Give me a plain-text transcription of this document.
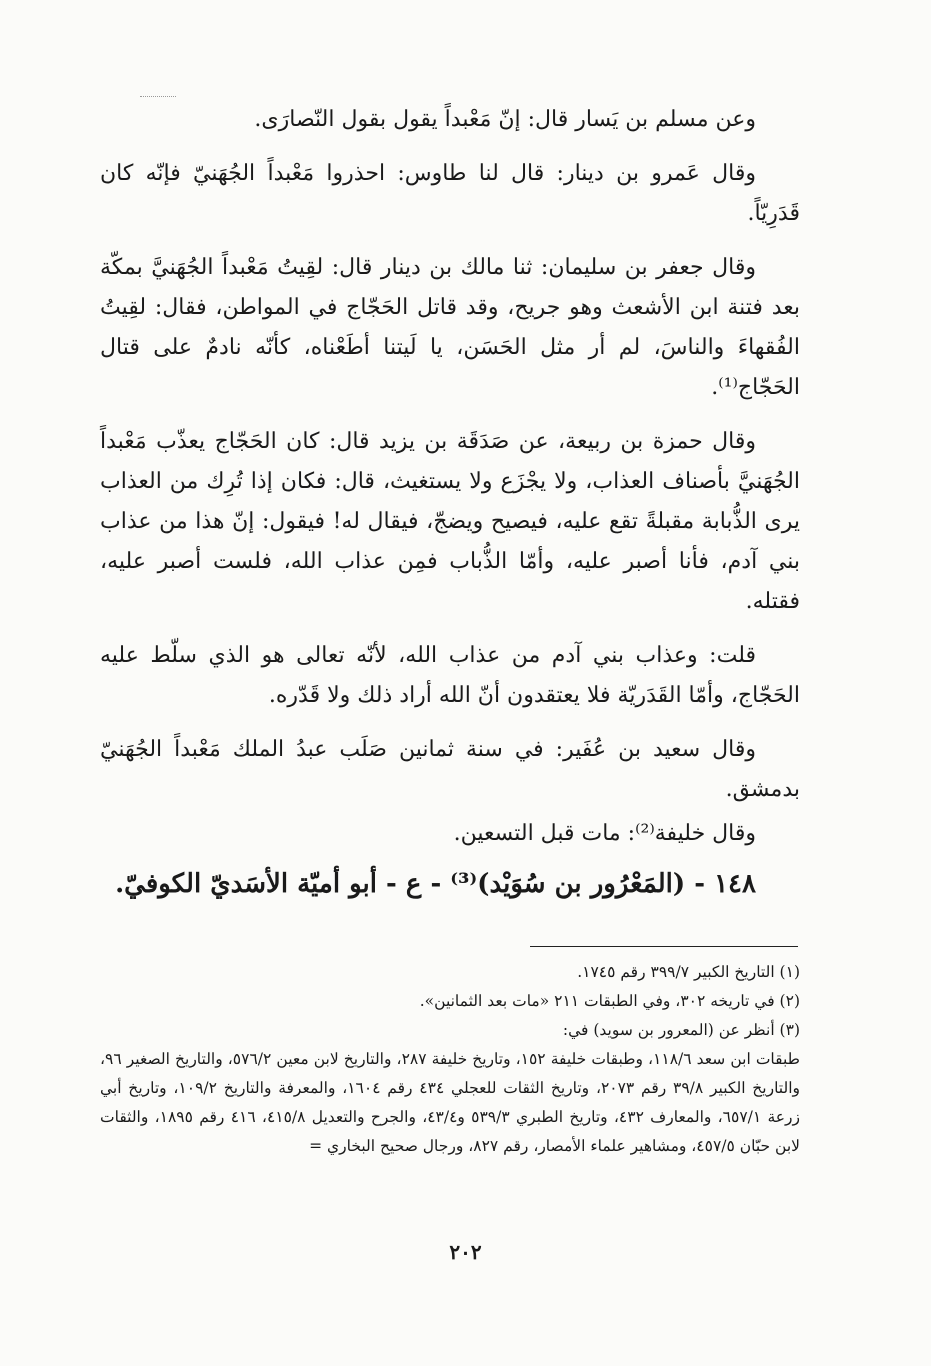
وعن مسلم بن يَسار قال: إنّ مَعْبداً يقول بقول النّصارَى.

وقال عَمرو بن دينار: قال لنا طاوس: احذروا مَعْبداً الجُهَنيّ فإنّه كان قَدَرِيّاً.

وقال جعفر بن سليمان: ثنا مالك بن دينار قال: لقِيتُ مَعْبداً الجُهَنيَّ بمكّة بعد فتنة ابن الأشعث وهو جريح، وقد قاتل الحَجّاج في المواطن، فقال: لقِيتُ الفُقهاءَ والناسَ، لم أر مثل الحَسَن، يا لَيتنا أطَعْناه، كأنّه نادمٌ على قتال الحَجّاج⁽¹⁾.

وقال حمزة بن ربيعة، عن صَدَقَة بن يزيد قال: كان الحَجّاج يعذّب مَعْبداً الجُهَنيَّ بأصناف العذاب، ولا يجْزَع ولا يستغيث، قال: فكان إذا تُرِك من العذاب يرى الذُّبابة مقبلةً تقع عليه، فيصيح ويضجّ، فيقال له! فيقول: إنّ هذا من عذاب بني آدم، فأنا أصبر عليه، وأمّا الذُّباب فمِن عذاب الله، فلست أصبر عليه، فقتله.

قلت: وعذاب بني آدم من عذاب الله، لأنّه تعالى هو الذي سلّط عليه الحَجّاج، وأمّا القَدَريّة فلا يعتقدون أنّ الله أراد ذلك ولا قَدّره.

وقال سعيد بن عُفَير: في سنة ثمانين صَلَب عبدُ الملك مَعْبداً الجُهَنيّ بدمشق.

وقال خليفة⁽²⁾: مات قبل التسعين.

١٤٨ - (المَعْرُور بن سُوَيْد)⁽³⁾ - ع - أبو أميّة الأسَديّ الكوفيّ.

(١) التاريخ الكبير ٣٩٩/٧ رقم ١٧٤٥.

(٢) في تاريخه ٣٠٢، وفي الطبقات ٢١١ «مات بعد الثمانين».

(٣) أنظر عن (المعرور بن سويد) في:

طبقات ابن سعد ١١٨/٦، وطبقات خليفة ١٥٢، وتاريخ خليفة ٢٨٧، والتاريخ لابن معين ٥٧٦/٢، والتاريخ الصغير ٩٦، والتاريخ الكبير ٣٩/٨ رقم ٢٠٧٣، وتاريخ الثقات للعجلي ٤٣٤ رقم ١٦٠٤، والمعرفة والتاريخ ١٠٩/٢، وتاريخ أبي زرعة ٦٥٧/١، والمعارف ٤٣٢، وتاريخ الطبري ٥٣٩/٣ و٤٣/٤، والجرح والتعديل ٤١٥/٨، ٤١٦ رقم ١٨٩٥، والثقات لابن حبّان ٤٥٧/٥، ومشاهير علماء الأمصار، رقم ٨٢٧، ورجال صحيح البخاري =

٢٠٢
